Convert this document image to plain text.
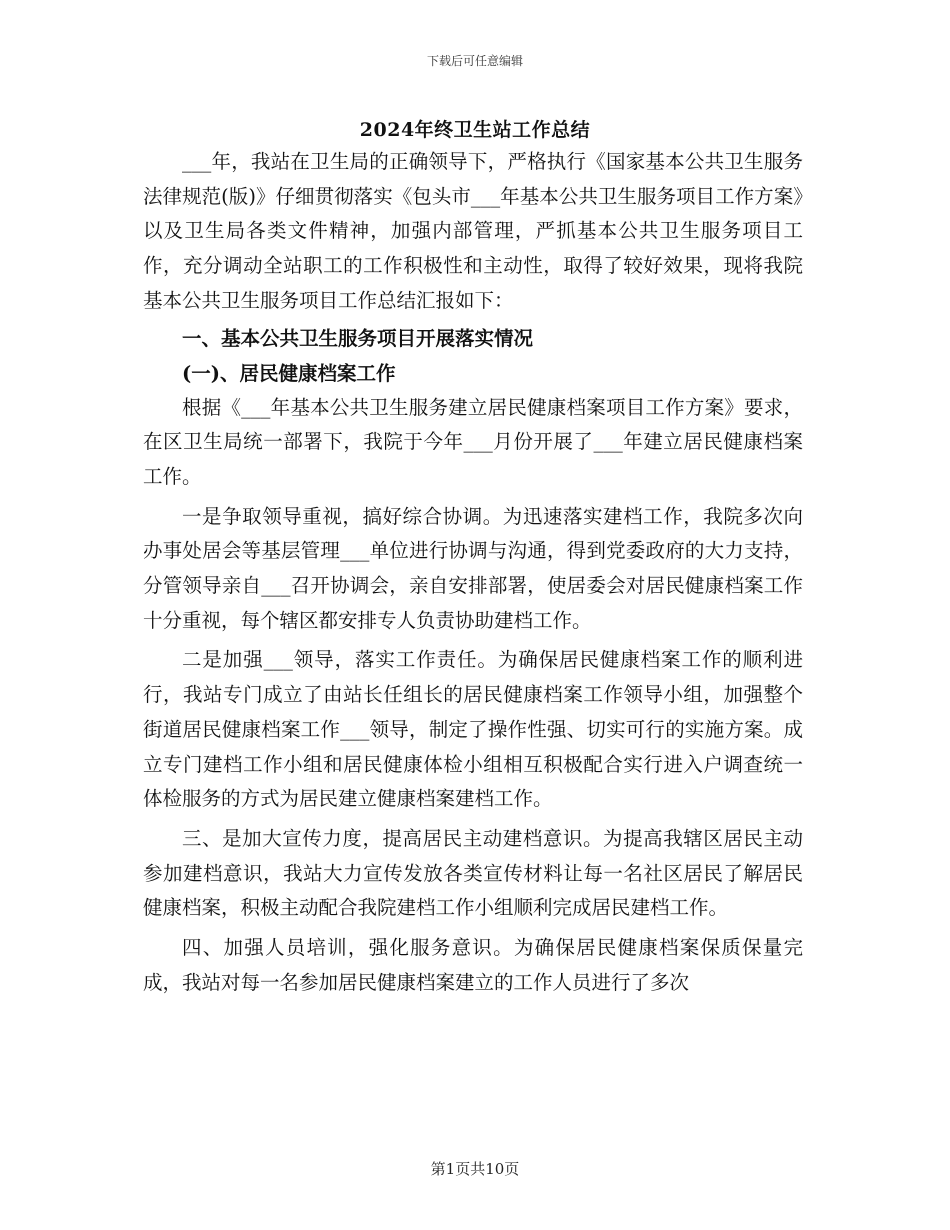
下载后可任意编辑
2024年终卫生站工作总结

___年，我站在卫生局的正确领导下，严格执行《国家基本公共卫生服务法律规范(版)》仔细贯彻落实《包头市___年基本公共卫生服务项目工作方案》以及卫生局各类文件精神，加强内部管理，严抓基本公共卫生服务项目工作，充分调动全站职工的工作积极性和主动性，取得了较好效果，现将我院基本公共卫生服务项目工作总结汇报如下：

一、基本公共卫生服务项目开展落实情况

(一)、居民健康档案工作

根据《___年基本公共卫生服务建立居民健康档案项目工作方案》要求，在区卫生局统一部署下，我院于今年___月份开展了___年建立居民健康档案工作。

一是争取领导重视，搞好综合协调。为迅速落实建档工作，我院多次向办事处居会等基层管理___单位进行协调与沟通，得到党委政府的大力支持，分管领导亲自___召开协调会，亲自安排部署，使居委会对居民健康档案工作十分重视，每个辖区都安排专人负责协助建档工作。

二是加强___领导，落实工作责任。为确保居民健康档案工作的顺利进行，我站专门成立了由站长任组长的居民健康档案工作领导小组，加强整个街道居民健康档案工作___领导，制定了操作性强、切实可行的实施方案。成立专门建档工作小组和居民健康体检小组相互积极配合实行进入户调查统一体检服务的方式为居民建立健康档案建档工作。

三、是加大宣传力度，提高居民主动建档意识。为提高我辖区居民主动参加建档意识，我站大力宣传发放各类宣传材料让每一名社区居民了解居民健康档案，积极主动配合我院建档工作小组顺利完成居民建档工作。

四、加强人员培训，强化服务意识。为确保居民健康档案保质保量完成，我站对每一名参加居民健康档案建立的工作人员进行了多次

第1页共10页
